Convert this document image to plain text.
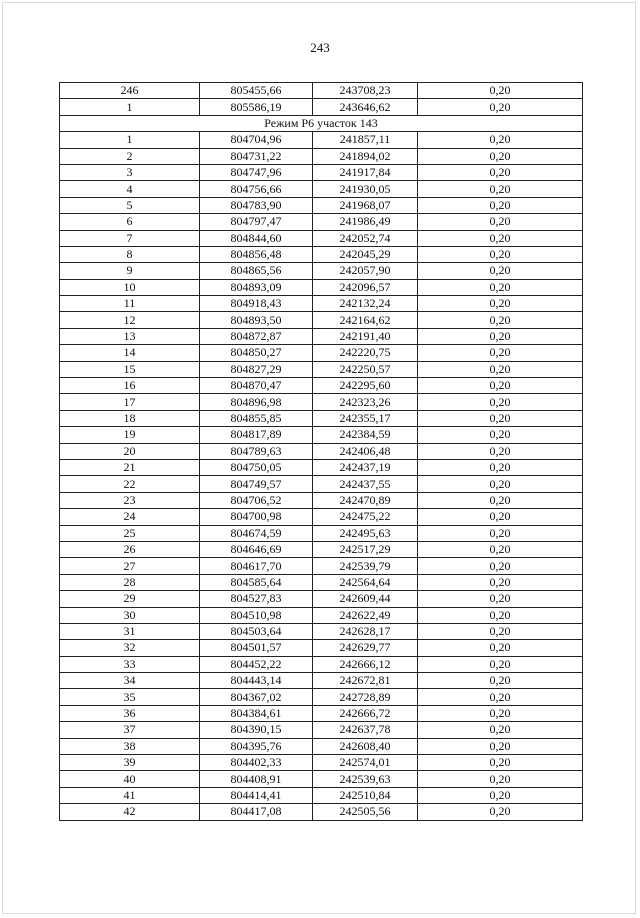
243
246	805455,66	243708,23	0,20
1	805586,19	243646,62	0,20
Режим Р6 участок 143			
1	804704,96	241857,11	0,20
2	804731,22	241894,02	0,20
3	804747,96	241917,84	0,20
4	804756,66	241930,05	0,20
5	804783,90	241968,07	0,20
6	804797,47	241986,49	0,20
7	804844,60	242052,74	0,20
8	804856,48	242045,29	0,20
9	804865,56	242057,90	0,20
10	804893,09	242096,57	0,20
11	804918,43	242132,24	0,20
12	804893,50	242164,62	0,20
13	804872,87	242191,40	0,20
14	804850,27	242220,75	0,20
15	804827,29	242250,57	0,20
16	804870,47	242295,60	0,20
17	804896,98	242323,26	0,20
18	804855,85	242355,17	0,20
19	804817,89	242384,59	0,20
20	804789,63	242406,48	0,20
21	804750,05	242437,19	0,20
22	804749,57	242437,55	0,20
23	804706,52	242470,89	0,20
24	804700,98	242475,22	0,20
25	804674,59	242495,63	0,20
26	804646,69	242517,29	0,20
27	804617,70	242539,79	0,20
28	804585,64	242564,64	0,20
29	804527,83	242609,44	0,20
30	804510,98	242622,49	0,20
31	804503,64	242628,17	0,20
32	804501,57	242629,77	0,20
33	804452,22	242666,12	0,20
34	804443,14	242672,81	0,20
35	804367,02	242728,89	0,20
36	804384,61	242666,72	0,20
37	804390,15	242637,78	0,20
38	804395,76	242608,40	0,20
39	804402,33	242574,01	0,20
40	804408,91	242539,63	0,20
41	804414,41	242510,84	0,20
42	804417,08	242505,56	0,20
